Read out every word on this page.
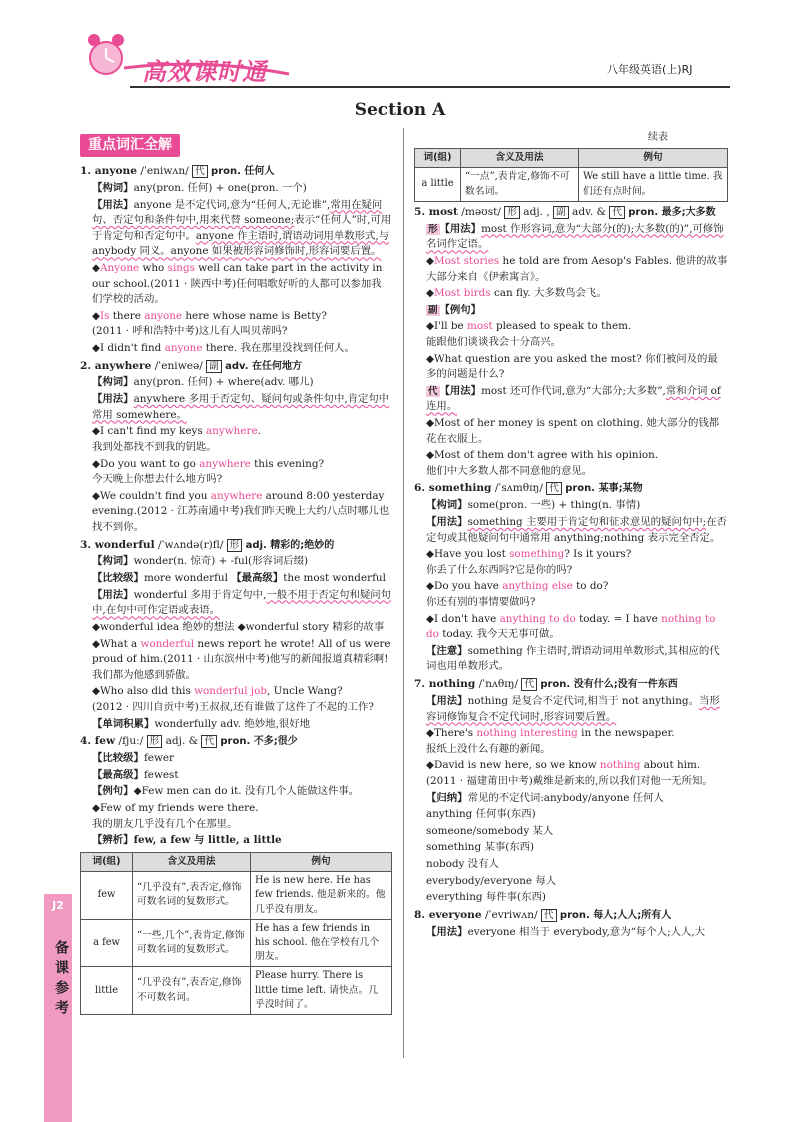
高效课时通	八年级英语(上)RJ
Section A
重点词汇全解
1. anyone /ˈeniwʌn/ 代 pron. 任何人

【构词】any(pron. 任何) + one(pron. 一个)

【用法】anyone 是不定代词,意为“任何人,无论谁”,常用在疑问句、否定句和条件句中,用来代替 someone;表示“任何人”时,可用于肯定句和否定句中。anyone 作主语时,谓语动词用单数形式,与 anybody 同义。anyone 如果被形容词修饰时,形容词要后置。

◆Anyone who sings well can take part in the activity in our school.(2011 · 陕西中考)任何唱歌好听的人都可以参加我们学校的活动。

◆Is there anyone here whose name is Betty?
(2011 · 呼和浩特中考)这儿有人叫贝蒂吗?

◆I didn't find anyone there. 我在那里没找到任何人。

2. anywhere /ˈeniweə/ 副 adv. 在任何地方

【构词】any(pron. 任何) + where(adv. 哪儿)

【用法】anywhere 多用于否定句、疑问句或条件句中,肯定句中常用 somewhere。

◆I can't find my keys anywhere.
我到处都找不到我的钥匙。

◆Do you want to go anywhere this evening?
今天晚上你想去什么地方吗?

◆We couldn't find you anywhere around 8:00 yesterday evening.(2012 · 江苏南通中考)我们昨天晚上大约八点时哪儿也找不到你。

3. wonderful /ˈwʌndə(r)fl/ 形 adj. 精彩的;绝妙的

【构词】wonder(n. 惊奇) + -ful(形容词后缀)

【比较级】more wonderful 【最高级】the most wonderful

【用法】wonderful 多用于肯定句中,一般不用于否定句和疑问句中,在句中可作定语或表语。

◆wonderful idea 绝妙的想法 ◆wonderful story 精彩的故事

◆What a wonderful news report he wrote! All of us were proud of him.(2011 · 山东滨州中考)他写的新闻报道真精彩啊!我们都为他感到骄傲。

◆Who also did this wonderful job, Uncle Wang?
(2012 · 四川自贡中考)王叔叔,还有谁做了这件了不起的工作?

【单词积累】wonderfully adv. 绝妙地,很好地

4. few /fjuː/ 形 adj. & 代 pron. 不多;很少

【比较级】fewer

【最高级】fewest

【例句】◆Few men can do it. 没有几个人能做这件事。

◆Few of my friends were there.
我的朋友几乎没有几个在那里。

【辨析】few, a few 与 little, a little

词(组)	含义及用法	例句
few	“几乎没有”,表否定,修饰可数名词的复数形式。	He is new here. He has few friends. 他是新来的。他几乎没有朋友。
a few	“一些,几个”,表肯定,修饰可数名词的复数形式。	He has a few friends in his school. 他在学校有几个朋友。
little	“几乎没有”,表否定,修饰不可数名词。	Please hurry. There is little time left. 请快点。几乎没时间了。
续表
词(组)	含义及用法	例句
a little	“一点”,表肯定,修饰不可数名词。	We still have a little time. 我们还有点时间。
5. most /məʊst/ 形 adj. , 副 adv. & 代 pron. 最多;大多数

形 【用法】most 作形容词,意为“大部分(的);大多数(的)”,可修饰名词作定语。

◆Most stories he told are from Aesop's Fables. 他讲的故事大部分来自《伊索寓言》。

◆Most birds can fly. 大多数鸟会飞。

副 【例句】

◆I'll be most pleased to speak to them.
能跟他们谈谈我会十分高兴。

◆What question are you asked the most? 你们被问及的最多的问题是什么?

代 【用法】most 还可作代词,意为“大部分;大多数”,常和介词 of 连用。

◆Most of her money is spent on clothing. 她大部分的钱都花在衣服上。

◆Most of them don't agree with his opinion.
他们中大多数人都不同意他的意见。

6. something /ˈsʌmθɪŋ/ 代 pron. 某事;某物

【构词】some(pron. 一些) + thing(n. 事情)

【用法】something 主要用于肯定句和征求意见的疑问句中;在否定句或其他疑问句中通常用 anything;nothing 表示完全否定。

◆Have you lost something? Is it yours?
你丢了什么东西吗?它是你的吗?

◆Do you have anything else to do?
你还有别的事情要做吗?

◆I don't have anything to do today. = I have nothing to do today. 我今天无事可做。

【注意】something 作主语时,谓语动词用单数形式,其相应的代词也用单数形式。

7. nothing /ˈnʌθɪŋ/ 代 pron. 没有什么;没有一件东西

【用法】nothing 是复合不定代词,相当于 not anything。当形容词修饰复合不定代词时,形容词要后置。

◆There's nothing interesting in the newspaper.
报纸上没什么有趣的新闻。

◆David is new here, so we know nothing about him.
(2011 · 福建莆田中考)戴维是新来的,所以我们对他一无所知。

【归纳】常见的不定代词:anybody/anyone 任何人

anything 任何事(东西)

someone/somebody 某人

something 某事(东西)

nobody 没有人

everybody/everyone 每人

everything 每件事(东西)

8. everyone /ˈevriwʌn/ 代 pron. 每人;人人;所有人

【用法】everyone 相当于 everybody,意为“每个人;人人,大

J2
备课参考
